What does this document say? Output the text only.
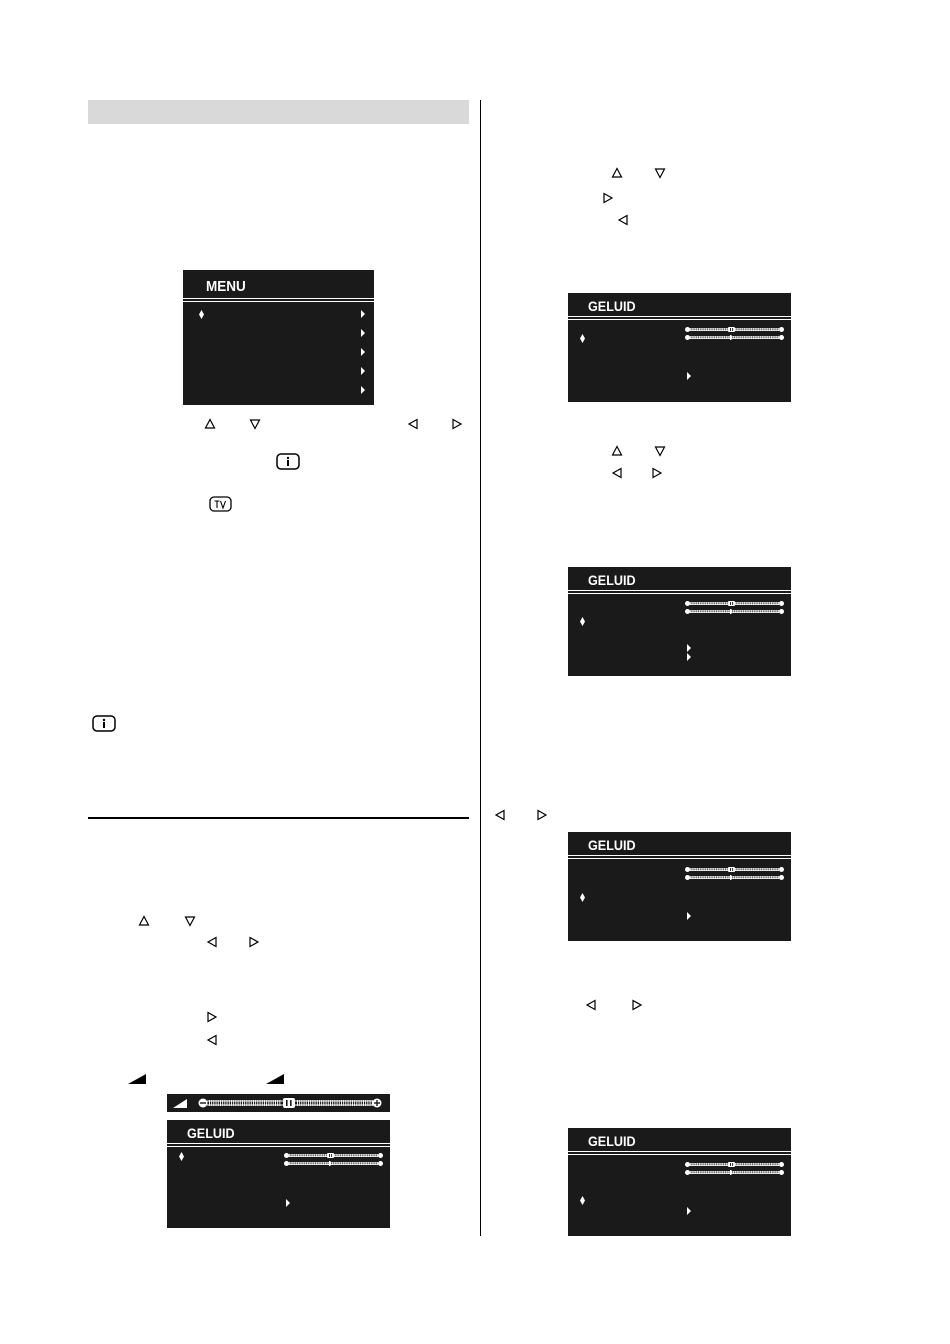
MENU
GELUID
GELUID
GELUID
GELUID
GELUID
